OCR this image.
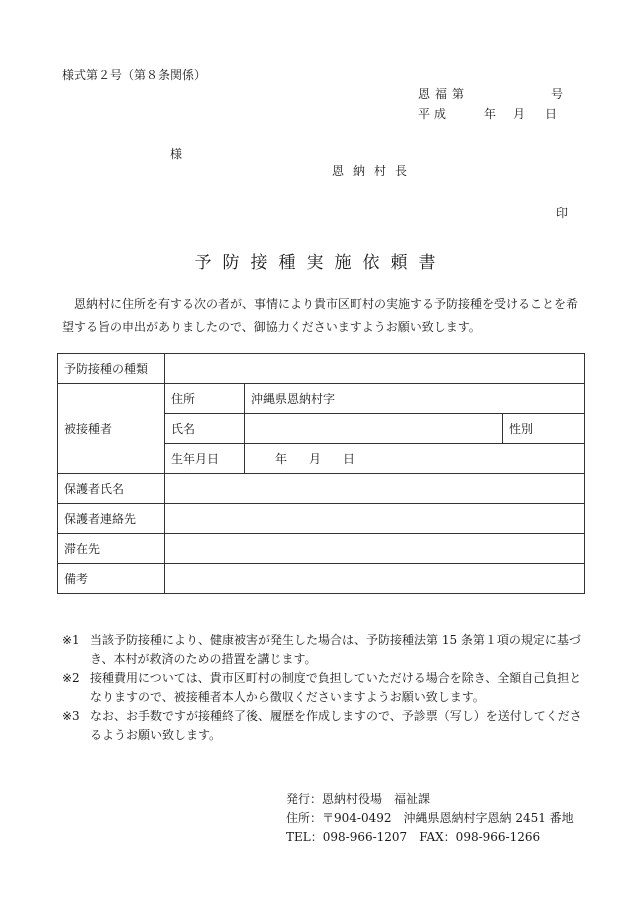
様式第２号（第８条関係）
恩福第	号
平成	年 月 日
様
恩納村長
印
予防接種実施依頼書
恩納村に住所を有する次の者が、事情により貴市区町村の実施する予防接種を受けることを希望する旨の申出がありましたので、御協力くださいますようお願い致します。
予防接種の種類			
被接種者	住所	沖縄県恩納村字	
	氏名		性別
	生年月日	年 月 日	
保護者氏名			
保護者連絡先			
滞在先			
備考			
※1 当該予防接種により、健康被害が発生した場合は、予防接種法第 15 条第１項の規定に基づき、本村が救済のための措置を講じます。
※2 接種費用については、貴市区町村の制度で負担していただける場合を除き、全額自己負担となりますので、被接種者本人から徴収くださいますようお願い致します。
※3 なお、お手数ですが接種終了後、履歴を作成しますので、予診票（写し）を送付してくださるようお願い致します。
発行：恩納村役場　福祉課
住所：〒904-0492　沖縄県恩納村字恩納 2451 番地
TEL：098-966-1207　FAX：098-966-1266
